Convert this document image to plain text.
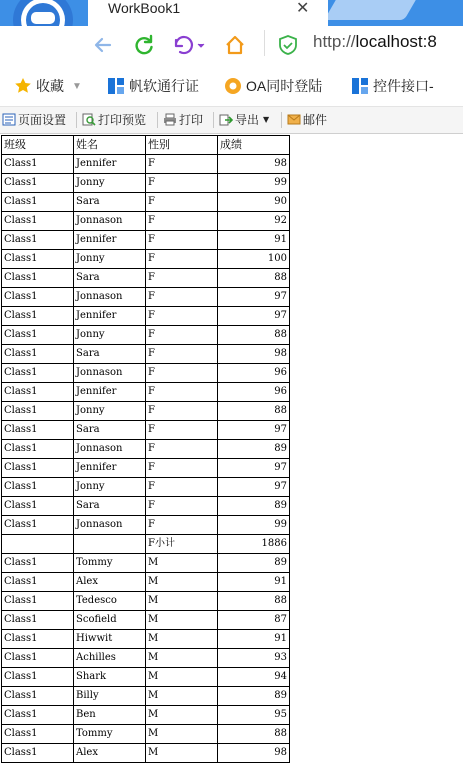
WorkBook1	✕
http://localhost:8
收藏 ▼	帆软通行证	OA同时登陆	控件接口-
页面设置	打印预览	打印	导出 ▼	邮件
班级	姓名	性别	成绩
Class1	Jennifer	F	98
Class1	Jonny	F	99
Class1	Sara	F	90
Class1	Jonnason	F	92
Class1	Jennifer	F	91
Class1	Jonny	F	100
Class1	Sara	F	88
Class1	Jonnason	F	97
Class1	Jennifer	F	97
Class1	Jonny	F	88
Class1	Sara	F	98
Class1	Jonnason	F	96
Class1	Jennifer	F	96
Class1	Jonny	F	88
Class1	Sara	F	97
Class1	Jonnason	F	89
Class1	Jennifer	F	97
Class1	Jonny	F	97
Class1	Sara	F	89
Class1	Jonnason	F	99
		F小计	1886
Class1	Tommy	M	89
Class1	Alex	M	91
Class1	Tedesco	M	88
Class1	Scofield	M	87
Class1	Hiwwit	M	91
Class1	Achilles	M	93
Class1	Shark	M	94
Class1	Billy	M	89
Class1	Ben	M	95
Class1	Tommy	M	88
Class1	Alex	M	98
